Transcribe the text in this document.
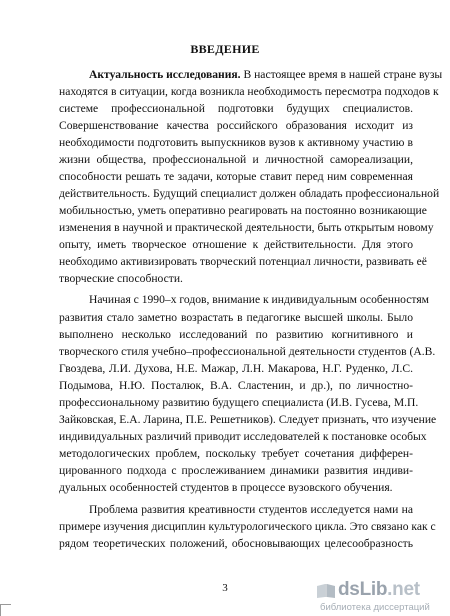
ВВЕДЕНИЕ
Актуальность исследования. В настоящее время в нашей стране вузы
находятся в ситуации, когда возникла необходимость пересмотра подходов к
системе профессиональной подготовки будущих специалистов.
Совершенствование качества российского образования исходит из
необходимости подготовить выпускников вузов к активному участию в
жизни общества, профессиональной и личностной самореализации,
способности решать те задачи, которые ставит перед ним современная
действительность. Будущий специалист должен обладать профессиональной
мобильностью, уметь оперативно реагировать на постоянно возникающие
изменения в научной и практической деятельности, быть открытым новому
опыту, иметь творческое отношение к действительности. Для этого
необходимо активизировать творческий потенциал личности, развивать её
творческие способности.
Начиная с 1990–х годов, внимание к индивидуальным особенностям
развития стало заметно возрастать в педагогике высшей школы. Было
выполнено несколько исследований по развитию когнитивного и
творческого стиля учебно–профессиональной деятельности студентов (А.В.
Гвоздева, Л.И. Духова, Н.Е. Мажар, Л.Н. Макарова, Н.Г. Руденко, Л.С.
Подымова, Н.Ю. Посталюк, В.А. Сластенин, и др.), по личностно-
профессиональному развитию будущего специалиста (И.В. Гусева, М.П.
Зайковская, Е.А. Ларина, П.Е. Решетников). Следует признать, что изучение
индивидуальных различий приводит исследователей к постановке особых
методологических проблем, поскольку требует сочетания дифферен-
цированного подхода с прослеживанием динамики развития индиви-
дуальных особенностей студентов в процессе вузовского обучения.
Проблема развития креативности студентов исследуется нами на
примере изучения дисциплин культурологического цикла. Это связано как с
рядом теоретических положений, обосновывающих целесообразность
3	dsLib.net
библиотека диссертаций
